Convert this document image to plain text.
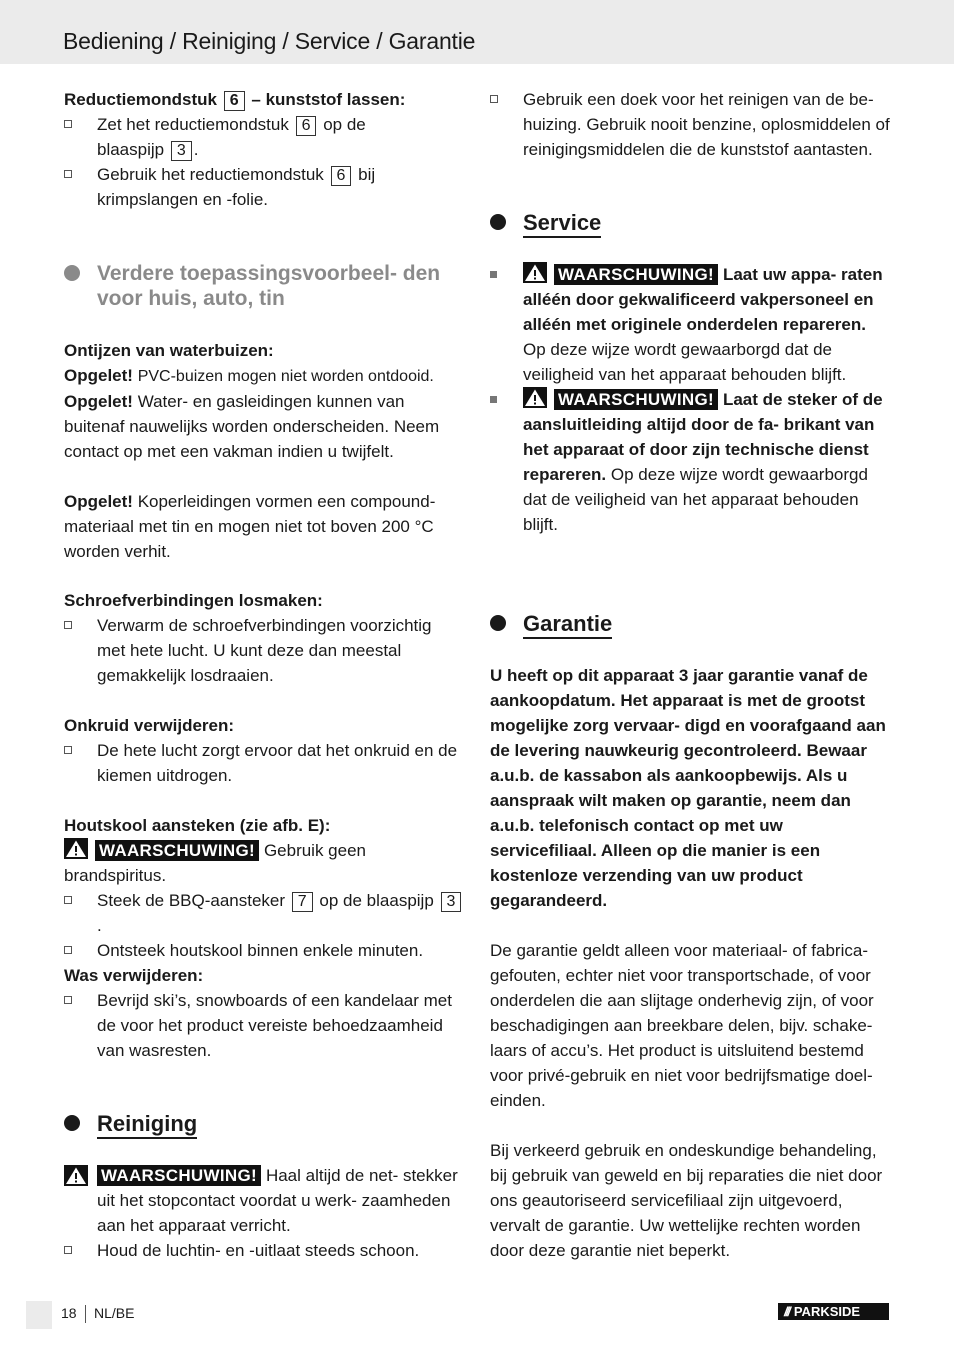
Bediening / Reiniging / Service / Garantie
Reductiemondstuk 6 – kunststof lassen:
Zet het reductiemondstuk 6 op de
blaaspijp 3 .
Gebruik het reductiemondstuk 6 bij krimpslangen en -folie.
Verdere toepassingsvoorbeel- den voor huis, auto, tin
Ontijzen van waterbuizen:
Opgelet! PVC-buizen mogen niet worden ontdooid.
Opgelet! Water- en gasleidingen kunnen van buitenaf nauwelijks worden onderscheiden. Neem contact op met een vakman indien u twijfelt.
Opgelet! Koperleidingen vormen een compound- materiaal met tin en mogen niet tot boven 200 °C worden verhit.
Schroefverbindingen losmaken:
Verwarm de schroefverbindingen voorzichtig met hete lucht. U kunt deze dan meestal gemakkelijk losdraaien.
Onkruid verwijderen:
De hete lucht zorgt ervoor dat het onkruid en de kiemen uitdrogen.
Houtskool aansteken (zie afb. E):
WAARSCHUWING! Gebruik geen brandspiritus.
Steek de BBQ-aansteker 7 op de blaaspijp 3.
Ontsteek houtskool binnen enkele minuten.
Was verwijderen:
Bevrijd ski’s, snowboards of een kandelaar met de voor het product vereiste behoedzaamheid van wasresten.
Reiniging
WAARSCHUWING! Haal altijd de net- stekker uit het stopcontact voordat u werk- zaamheden aan het apparaat verricht.
Houd de luchtin- en -uitlaat steeds schoon.
Gebruik een doek voor het reinigen van de be- huizing. Gebruik nooit benzine, oplosmiddelen of reinigingsmiddelen die de kunststof aantasten.
Service
WAARSCHUWING! Laat uw appa- raten alléén door gekwalificeerd vakpersoneel en alléén met originele onderdelen repareren. Op deze wijze wordt gewaarborgd dat de veiligheid van het apparaat behouden blijft.
WAARSCHUWING! Laat de steker of de aansluitleiding altijd door de fa- brikant van het apparaat of door zijn technische dienst repareren. Op deze wijze wordt gewaarborgd dat de veiligheid van het apparaat behouden blijft.
Garantie
U heeft op dit apparaat 3 jaar garantie vanaf de aankoopdatum. Het apparaat is met de grootst mogelijke zorg vervaar- digd en voorafgaand aan de levering nauwkeurig gecontroleerd. Bewaar a.u.b. de kassabon als aankoopbewijs. Als u aanspraak wilt maken op garantie, neem dan a.u.b. telefonisch contact op met uw servicefiliaal. Alleen op die manier is een kostenloze verzending van uw product gegarandeerd.
De garantie geldt alleen voor materiaal- of fabrica- gefouten, echter niet voor transportschade, of voor onderdelen die aan slijtage onderhevig zijn, of voor beschadigingen aan breekbare delen, bijv. schake- laars of accu’s. Het product is uitsluitend bestemd voor privé-gebruik en niet voor bedrijfsmatige doel- einden.
Bij verkeerd gebruik en ondeskundige behandeling, bij gebruik van geweld en bij reparaties die niet door ons geautoriseerd servicefiliaal zijn uitgevoerd, vervalt de garantie. Uw wettelijke rechten worden door deze garantie niet beperkt.
18 NL/BE	/// PARKSIDE
